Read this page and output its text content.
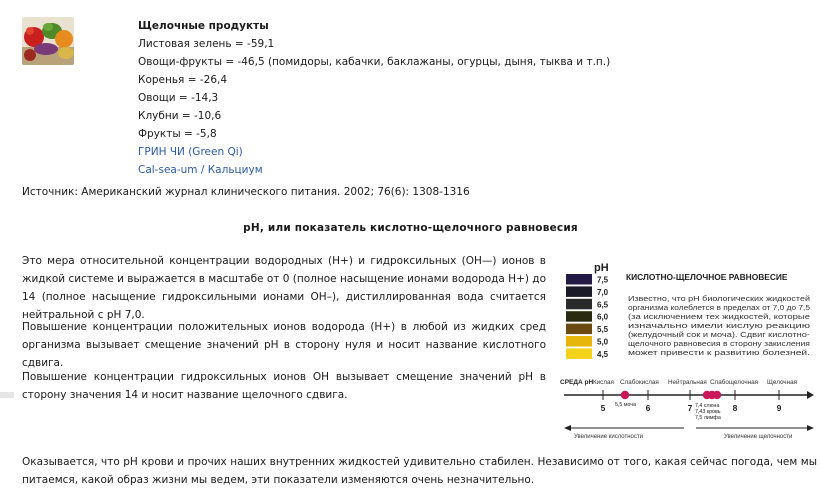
Щелочные продукты
Листовая зелень = -59,1
Овощи-фрукты = -46,5 (помидоры, кабачки, баклажаны, огурцы, дыня, тыква и т.п.)
Коренья = -26,4
Овощи = -14,3
Клубни = -10,6
Фрукты = -5,8
ГРИН ЧИ (Green Qi)
Cal-sea-um / Кальциум
Источник: Американский журнал клинического питания. 2002; 76(6): 1308-1316
pH, или показатель кислотно-щелочного равновесия
Это мера относительной концентрации водородных (H+) и гидроксильных (OH—) ионов в жидкой системе и выражается в масштабе от 0 (полное насыщение ионами водорода H+) до 14 (полное насыщение гидроксильными ионами OH–), дистиллированная вода считается нейтральной с pH 7,0.
Повышение концентрации положительных ионов водорода (H+) в любой из жидких сред организма вызывает смещение значений pH в сторону нуля и носит название кислотного сдвига.
Повышение концентрации гидроксильных ионов ОН вызывает смещение значений pH в сторону значения 14 и носит название щелочного сдвига.
Оказывается, что pH крови и прочих наших внутренних жидкостей удивительно стабилен. Независимо от того, какая сейчас погода, чем мы питаемся, какой образ жизни мы ведем, эти показатели изменяются очень незначительно.
pH
7,5
7,0
6,5
6,0
5,5
5,0
4,5
КИСЛОТНО-ЩЕЛОЧНОЕ РАВНОВЕСИЕ
Известно, что pH биологических жидкостей
организма колеблется в пределах от 7,0 до 7,5
(за исключением тех жидкостей, которые
изначально имели кислую реакцию
(желудочный сок и моча). Сдвиг кислотно-
щелочного равновесия в сторону закисления
может привести к развитию болезней.
СРЕДА pH Кислая Слабокислая Нейтральная Слабощелочная Щелочная
5	6	7	8	9
5,5 моча	7,4 слюна
7,43 кровь
7,5 лимфа
Увеличение кислотности	Увеличение щелочности
